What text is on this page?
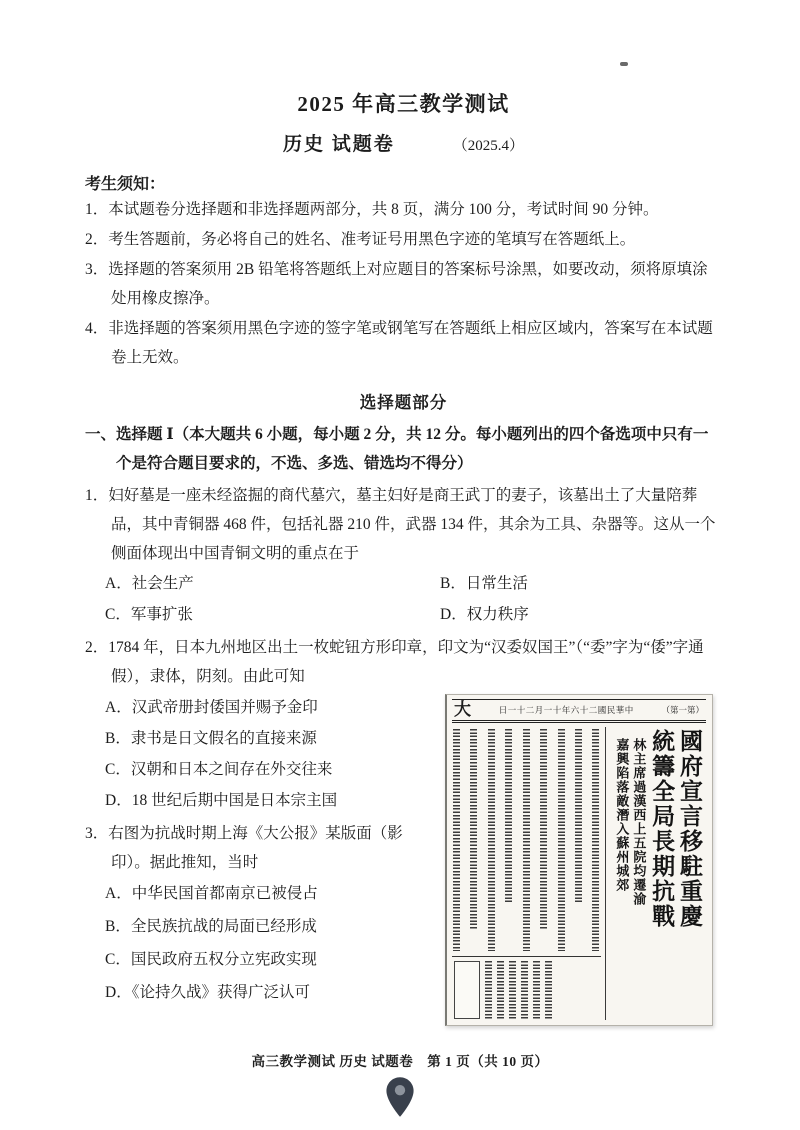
2025 年高三教学测试
历史 试题卷	（2025.4）
考生须知：
1．本试题卷分选择题和非选择题两部分，共 8 页，满分 100 分，考试时间 90 分钟。
2．考生答题前，务必将自己的姓名、准考证号用黑色字迹的笔填写在答题纸上。
3．选择题的答案须用 2B 铅笔将答题纸上对应题目的答案标号涂黑，如要改动，须将原填涂处用橡皮擦净。
4．非选择题的答案须用黑色字迹的签字笔或钢笔写在答题纸上相应区域内，答案写在本试题卷上无效。
选择题部分
一、选择题 Ⅰ（本大题共 6 小题，每小题 2 分，共 12 分。每小题列出的四个备选项中只有一个是符合题目要求的，不选、多选、错选均不得分）
1．妇好墓是一座未经盗掘的商代墓穴，墓主妇好是商王武丁的妻子，该墓出土了大量陪葬品，其中青铜器 468 件，包括礼器 210 件，武器 134 件，其余为工具、杂器等。这从一个侧面体现出中国青铜文明的重点在于
A．社会生产	B．日常生活
C．军事扩张	D．权力秩序
2．1784 年，日本九州地区出土一枚蛇钮方形印章，印文为“汉委奴国王”（“委”字为“倭”字通假），隶体，阴刻。由此可知
A．汉武帝册封倭国并赐予金印
B．隶书是日文假名的直接来源
C．汉朝和日本之间存在外交往来
D．18 世纪后期中国是日本宗主国
3．右图为抗战时期上海《大公报》某版面（影印）。据此推知，当时
A．中华民国首都南京已被侵占
B．全民族抗战的局面已经形成
C．国民政府五权分立宪政实现
D．《论持久战》获得广泛认可
大	日一十二月一十年六十二國民華中	（第一第）
國府宣言移駐重慶
統籌全局長期抗戰
林主席過漢西上五院均遷渝
嘉興陷落敵潛入蘇州城郊
高三教学测试 历史 试题卷　第 1 页（共 10 页）
